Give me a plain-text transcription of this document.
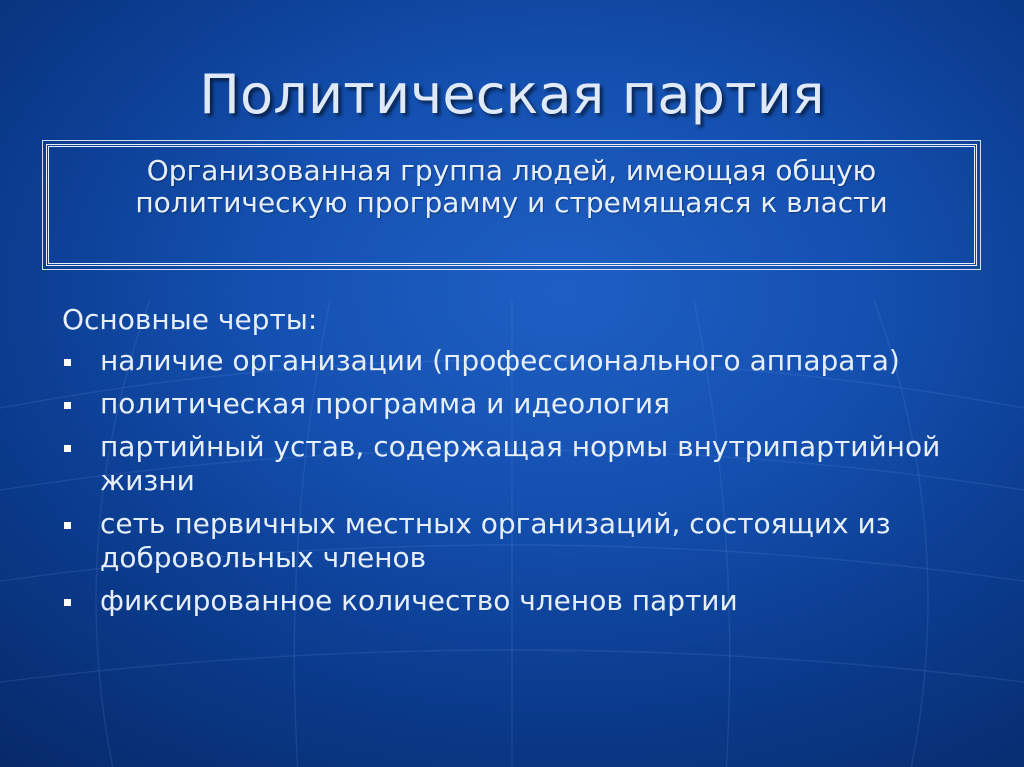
Политическая партия
Организованная группа людей, имеющая общую политическую программу и стремящаяся к власти
Основные черты:
наличие организации (профессионального аппарата)
политическая программа и идеология
партийный устав, содержащая нормы внутрипартийной жизни
сеть первичных местных организаций, состоящих из добровольных членов
фиксированное количество членов партии
